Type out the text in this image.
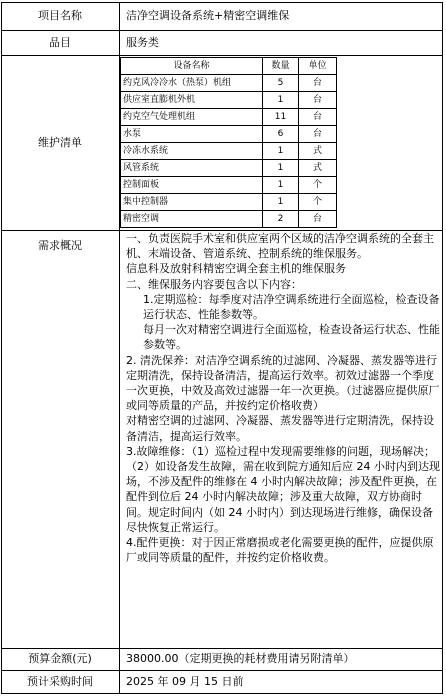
项目名称	洁净空调设备系统+精密空调维保
品目	服务类
维护清单
设备名称	数量	单位
约克风冷冷水（热泵）机组	5	台
供应室直膨机外机	1	台
约克空气处理机组	11	台
水泵	6	台
冷冻水系统	1	式
风管系统	1	式
控制面板	1	个
集中控制器	1	个
精密空调	2	台
需求概况

一、负责医院手术室和供应室两个区域的洁净空调系统的全套主机、末端设备、管道系统、控制系统的维保服务。

信息科及放射科精密空调全套主机的维保服务

二、维保服务内容要包含以下内容：

1.定期巡检：每季度对洁净空调系统进行全面巡检，检查设备运行状态、性能参数等。

每月一次对精密空调进行全面巡检，检查设备运行状态、性能参数等。

2. 清洗保养：对洁净空调系统的过滤网、冷凝器、蒸发器等进行定期清洗，保持设备清洁，提高运行效率。初效过滤器一个季度一次更换，中效及高效过滤器一年一次更换。（过滤器应提供原厂或同等质量的产品，并按约定价格收费）

对精密空调的过滤网、冷凝器、蒸发器等进行定期清洗，保持设备清洁，提高运行效率。

3.故障维修：（1）巡检过程中发现需要维修的问题，现场解决；

（2）如设备发生故障，需在收到院方通知后应 24 小时内到达现场，不涉及配件的维修在 4 小时内解决故障；涉及配件更换，在配件到位后 24 小时内解决故障；涉及重大故障，双方协商时间。规定时间内（如 24 小时内）到达现场进行维修，确保设备尽快恢复正常运行。

4.配件更换：对于因正常磨损或老化需要更换的配件，应提供原厂或同等质量的配件，并按约定价格收费。

预算金额(元)	38000.00（定期更换的耗材费用请另附清单）
预计采购时间	2025 年 09 月 15 日前
